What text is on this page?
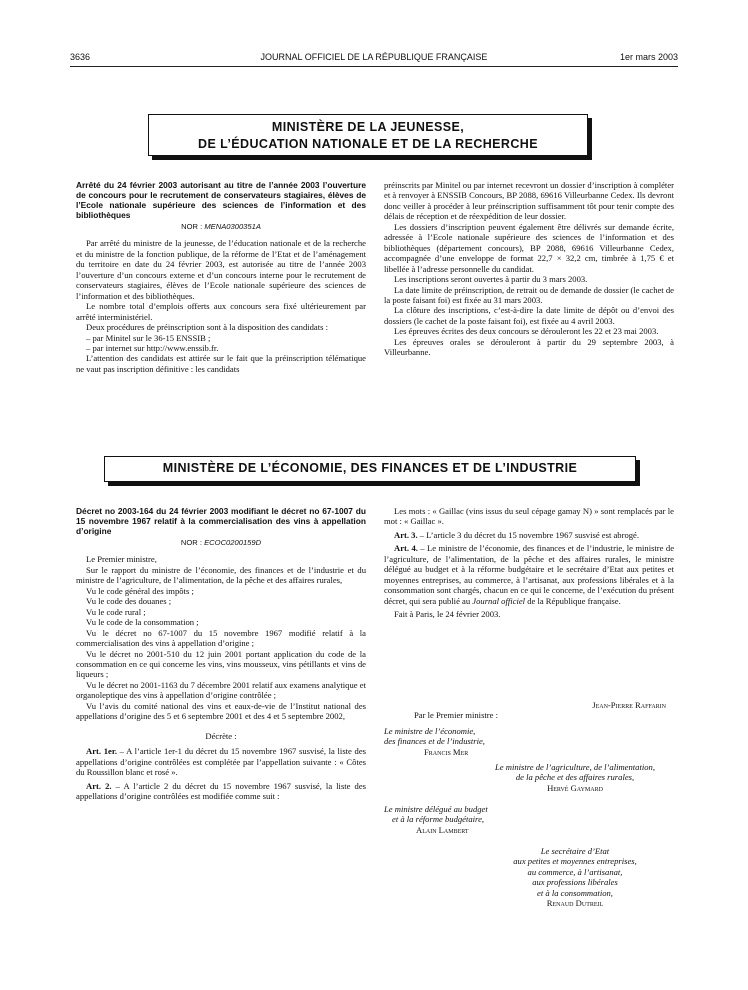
3636	JOURNAL OFFICIEL DE LA RÉPUBLIQUE FRANÇAISE	1er mars 2003
MINISTÈRE DE LA JEUNESSE,
DE L’ÉDUCATION NATIONALE ET DE LA RECHERCHE

Arrêté du 24 février 2003 autorisant au titre de l’année 2003 l’ouverture de concours pour le recrutement de conservateurs stagiaires, élèves de l’Ecole nationale supérieure des sciences de l’information et des bibliothèques

NOR : MENA0300351A

Par arrêté du ministre de la jeunesse, de l’éducation nationale et de la recherche et du ministre de la fonction publique, de la réforme de l’Etat et de l’aménagement du territoire en date du 24 février 2003, est autorisée au titre de l’année 2003 l’ouverture d’un concours externe et d’un concours interne pour le recrutement de conservateurs stagiaires, élèves de l’Ecole nationale supérieure des sciences de l’information et des bibliothèques.

Le nombre total d’emplois offerts aux concours sera fixé ultérieurement par arrêté interministériel.

Deux procédures de préinscription sont à la disposition des candidats :

– par Minitel sur le 36-15 ENSSIB ;

– par internet sur http://www.enssib.fr.

L’attention des candidats est attirée sur le fait que la préinscription télématique ne vaut pas inscription définitive : les candidats

préinscrits par Minitel ou par internet recevront un dossier d’inscription à compléter et à renvoyer à ENSSIB Concours, BP 2088, 69616 Villeurbanne Cedex. Ils devront donc veiller à procéder à leur préinscription suffisamment tôt pour tenir compte des délais de réception et de réexpédition de leur dossier.

Les dossiers d’inscription peuvent également être délivrés sur demande écrite, adressée à l’Ecole nationale supérieure des sciences de l’information et des bibliothèques (département concours), BP 2088, 69616 Villeurbanne Cedex, accompagnée d’une enveloppe de format 22,7 × 32,2 cm, timbrée à 1,75 € et libellée à l’adresse personnelle du candidat.

Les inscriptions seront ouvertes à partir du 3 mars 2003.

La date limite de préinscription, de retrait ou de demande de dossier (le cachet de la poste faisant foi) est fixée au 31 mars 2003.

La clôture des inscriptions, c’est-à-dire la date limite de dépôt ou d’envoi des dossiers (le cachet de la poste faisant foi), est fixée au 4 avril 2003.

Les épreuves écrites des deux concours se dérouleront les 22 et 23 mai 2003.

Les épreuves orales se dérouleront à partir du 29 septembre 2003, à Villeurbanne.

MINISTÈRE DE L’ÉCONOMIE, DES FINANCES ET DE L’INDUSTRIE

Décret no 2003-164 du 24 février 2003 modifiant le décret no 67-1007 du 15 novembre 1967 relatif à la commercialisation des vins à appellation d’origine

NOR : ECOC0200159D

Le Premier ministre,

Sur le rapport du ministre de l’économie, des finances et de l’industrie et du ministre de l’agriculture, de l’alimentation, de la pêche et des affaires rurales,

Vu le code général des impôts ;

Vu le code des douanes ;

Vu le code rural ;

Vu le code de la consommation ;

Vu le décret no 67-1007 du 15 novembre 1967 modifié relatif à la commercialisation des vins à appellation d’origine ;

Vu le décret no 2001-510 du 12 juin 2001 portant application du code de la consommation en ce qui concerne les vins, vins mousseux, vins pétillants et vins de liqueurs ;

Vu le décret no 2001-1163 du 7 décembre 2001 relatif aux examens analytique et organoleptique des vins à appellation d’origine contrôlée ;

Vu l’avis du comité national des vins et eaux-de-vie de l’Institut national des appellations d’origine des 5 et 6 septembre 2001 et des 4 et 5 septembre 2002,

Décrète :

Art. 1er. – A l’article 1er-1 du décret du 15 novembre 1967 susvisé, la liste des appellations d’origine contrôlées est complétée par l’appellation suivante : « Côtes du Roussillon blanc et rosé ».

Art. 2. – A l’article 2 du décret du 15 novembre 1967 susvisé, la liste des appellations d’origine contrôlées est modifiée comme suit :

Les mots : « Gaillac (vins issus du seul cépage gamay N) » sont remplacés par le mot : « Gaillac ».

Art. 3. – L’article 3 du décret du 15 novembre 1967 susvisé est abrogé.

Art. 4. – Le ministre de l’économie, des finances et de l’industrie, le ministre de l’agriculture, de l’alimentation, de la pêche et des affaires rurales, le ministre délégué au budget et à la réforme budgétaire et le secrétaire d’Etat aux petites et moyennes entreprises, au commerce, à l’artisanat, aux professions libérales et à la consommation sont chargés, chacun en ce qui le concerne, de l’exécution du présent décret, qui sera publié au Journal officiel de la République française.

Fait à Paris, le 24 février 2003.

Jean-Pierre Raffarin

Par le Premier ministre :

Le ministre de l’économie,

des finances et de l’industrie,

Francis Mer

Le ministre de l’agriculture, de l’alimentation,

de la pêche et des affaires rurales,

Hervé Gaymard

Le ministre délégué au budget

et à la réforme budgétaire,

Alain Lambert

Le secrétaire d’Etat

aux petites et moyennes entreprises,

au commerce, à l’artisanat,

aux professions libérales

et à la consommation,

Renaud Dutreil
